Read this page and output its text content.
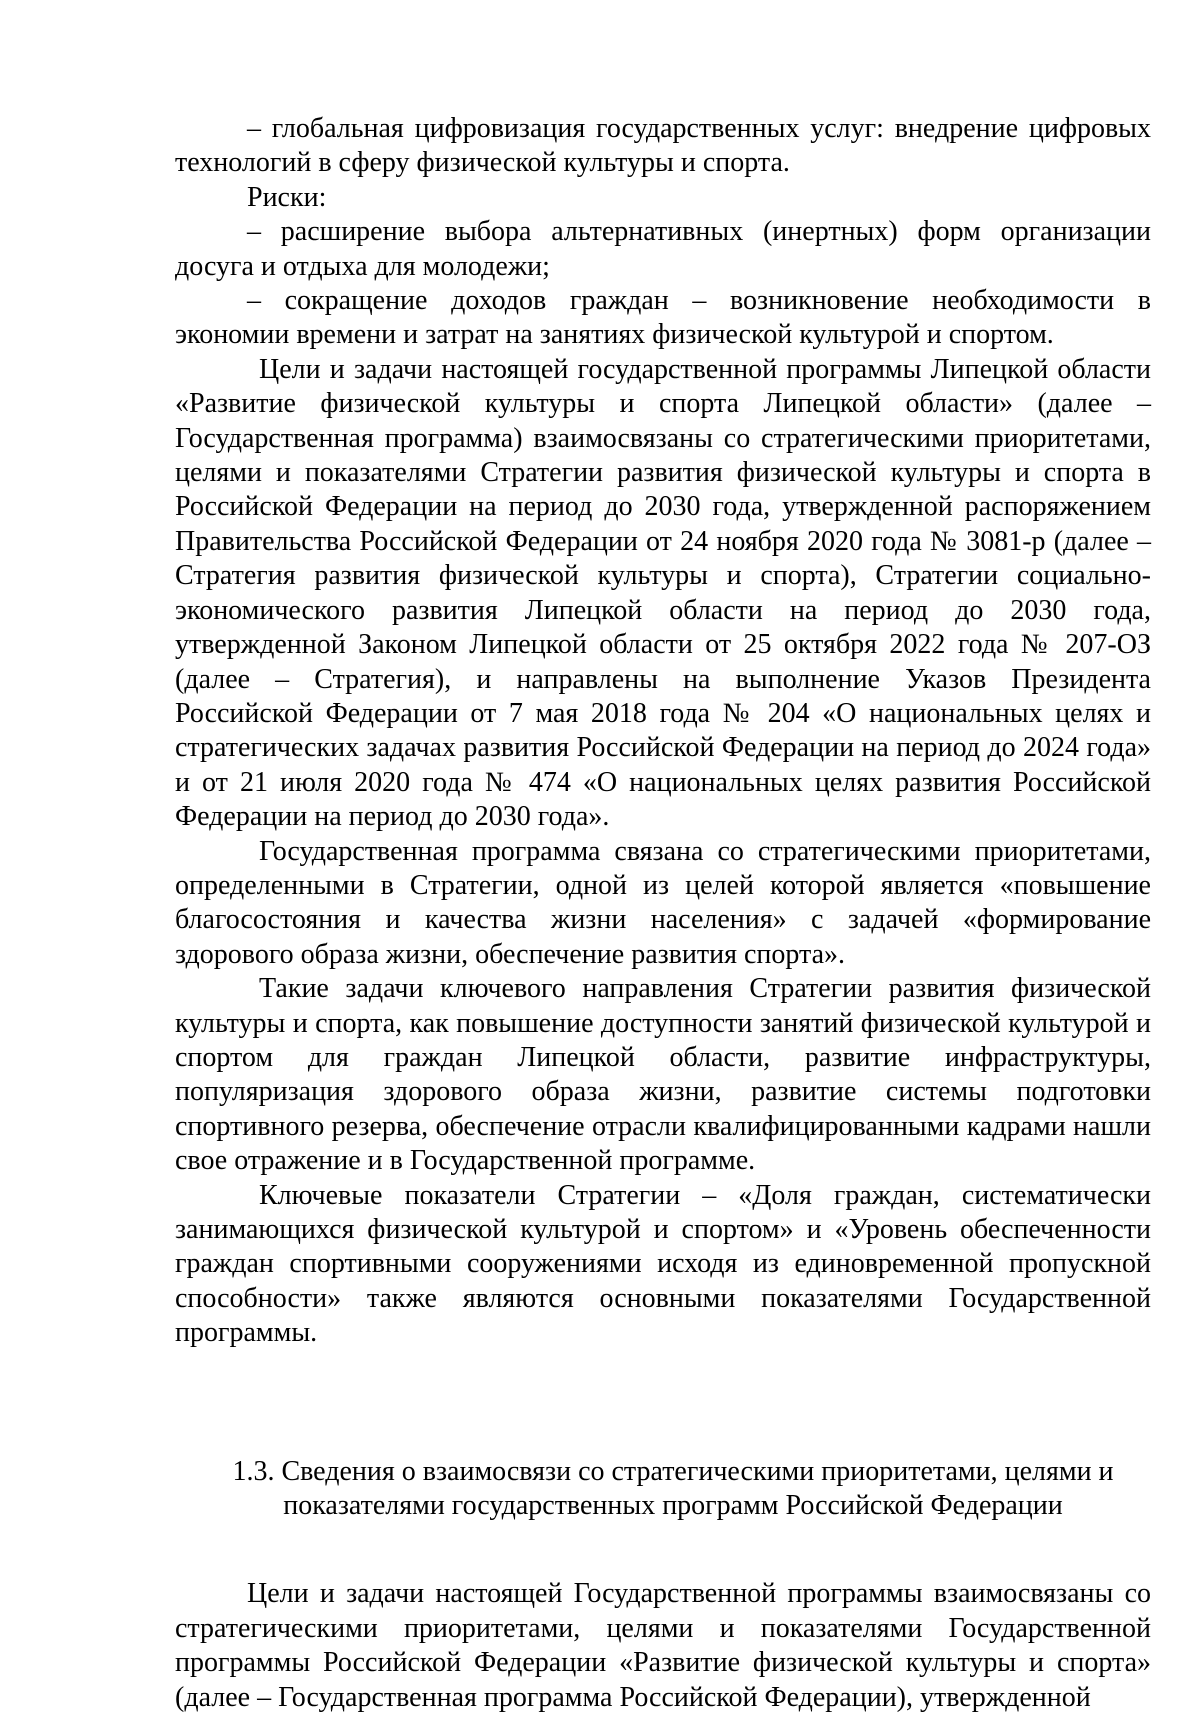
– глобальная цифровизация государственных услуг: внедрение цифровых технологий в сферу физической культуры и спорта.

Риски:

– расширение выбора альтернативных (инертных) форм организации досуга и отдыха для молодежи;

– сокращение доходов граждан – возникновение необходимости в экономии времени и затрат на занятиях физической культурой и спортом.

Цели и задачи настоящей государственной программы Липецкой области «Развитие физической культуры и спорта Липецкой области» (далее – Государственная программа) взаимосвязаны со стратегическими приоритетами, целями и показателями Стратегии развития физической культуры и спорта в Российской Федерации на период до 2030 года, утвержденной распоряжением Правительства Российской Федерации от 24 ноября 2020 года № 3081-р (далее – Стратегия развития физической культуры и спорта), Стратегии социально-экономического развития Липецкой области на период до 2030 года, утвержденной Законом Липецкой области от 25 октября 2022 года № 207-ОЗ (далее – Стратегия), и направлены на выполнение Указов Президента Российской Федерации от 7 мая 2018 года № 204 «О национальных целях и стратегических задачах развития Российской Федерации на период до 2024 года» и от 21 июля 2020 года № 474 «О национальных целях развития Российской Федерации на период до 2030 года».

Государственная программа связана со стратегическими приоритетами, определенными в Стратегии, одной из целей которой является «повышение благосостояния и качества жизни населения» с задачей «формирование здорового образа жизни, обеспечение развития спорта».

Такие задачи ключевого направления Стратегии развития физической культуры и спорта, как повышение доступности занятий физической культурой и спортом для граждан Липецкой области, развитие инфраструктуры, популяризация здорового образа жизни, развитие системы подготовки спортивного резерва, обеспечение отрасли квалифицированными кадрами нашли свое отражение и в Государственной программе.

Ключевые показатели Стратегии – «Доля граждан, систематически занимающихся физической культурой и спортом» и «Уровень обеспеченности граждан спортивными сооружениями исходя из единовременной пропускной способности» также являются основными показателями Государственной программы.

1.3. Сведения о взаимосвязи со стратегическими приоритетами, целями и

показателями государственных программ Российской Федерации

Цели и задачи настоящей Государственной программы взаимосвязаны со стратегическими приоритетами, целями и показателями Государственной программы Российской Федерации «Развитие физической культуры и спорта» (далее – Государственная программа Российской Федерации), утвержденной
